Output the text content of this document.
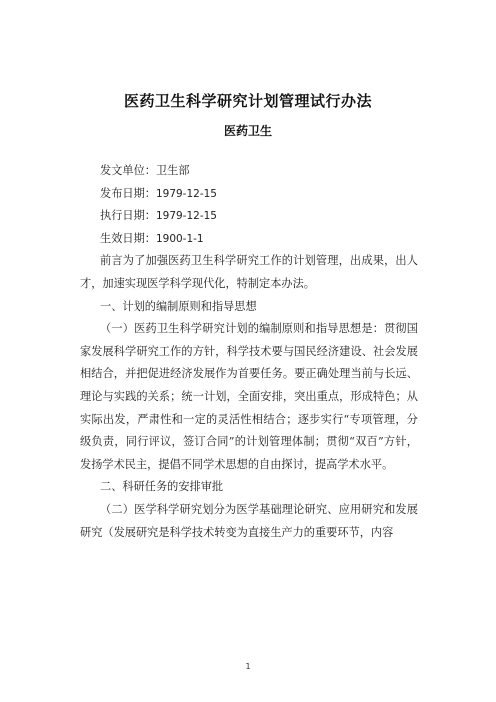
医药卫生科学研究计划管理试行办法
医药卫生

发文单位：卫生部

发布日期：1979-12-15

执行日期：1979-12-15

生效日期：1900-1-1

前言为了加强医药卫生科学研究工作的计划管理，出成果，出人才，加速实现医学科学现代化，特制定本办法。

一、计划的编制原则和指导思想

（一）医药卫生科学研究计划的编制原则和指导思想是：贯彻国家发展科学研究工作的方针，科学技术要与国民经济建设、社会发展相结合，并把促进经济发展作为首要任务。要正确处理当前与长远、理论与实践的关系；统一计划，全面安排，突出重点，形成特色；从实际出发，严肃性和一定的灵活性相结合；逐步实行“专项管理，分级负责，同行评议，签订合同”的计划管理体制；贯彻“双百”方针，发扬学术民主，提倡不同学术思想的自由探讨，提高学术水平。

二、科研任务的安排审批

（二）医学科学研究划分为医学基础理论研究、应用研究和发展研究（发展研究是科学技术转变为直接生产力的重要环节，内容

1
